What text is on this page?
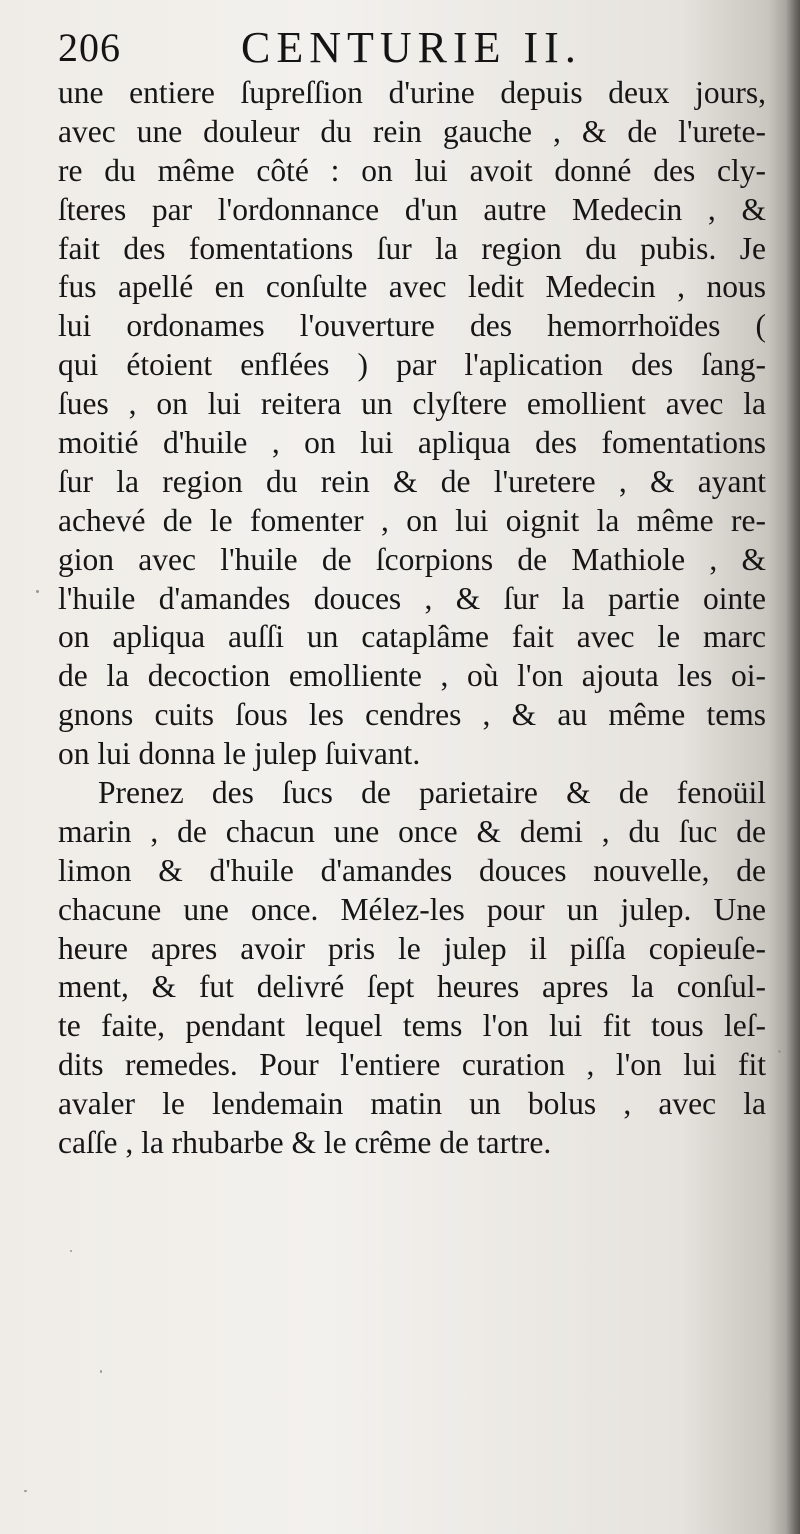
206	CENTURIE II.
une entiere ſupreſſion d'urine depuis deux jours,
avec une douleur du rein gauche , & de l'urete-
re du même côté : on lui avoit donné des cly-
ſteres par l'ordonnance d'un autre Medecin , &
fait des fomentations ſur la region du pubis. Je
fus apellé en conſulte avec ledit Medecin , nous
lui ordonames l'ouverture des hemorrhoïdes (
qui étoient enflées ) par l'aplication des ſang-
ſues , on lui reitera un clyſtere emollient avec la
moitié d'huile , on lui apliqua des fomentations
ſur la region du rein & de l'uretere , & ayant
achevé de le fomenter , on lui oignit la même re-
gion avec l'huile de ſcorpions de Mathiole , &
l'huile d'amandes douces , & ſur la partie ointe
on apliqua auſſi un cataplâme fait avec le marc
de la decoction emolliente , où l'on ajouta les oi-
gnons cuits ſous les cendres , & au même tems
on lui donna le julep ſuivant.
Prenez des ſucs de parietaire & de fenoüil
marin , de chacun une once & demi , du ſuc de
limon & d'huile d'amandes douces nouvelle, de
chacune une once. Mélez-les pour un julep. Une
heure apres avoir pris le julep il piſſa copieuſe-
ment, & fut delivré ſept heures apres la conſul-
te faite, pendant lequel tems l'on lui fit tous leſ-
dits remedes. Pour l'entiere curation , l'on lui fit
avaler le lendemain matin un bolus , avec la
caſſe , la rhubarbe & le crême de tartre.
